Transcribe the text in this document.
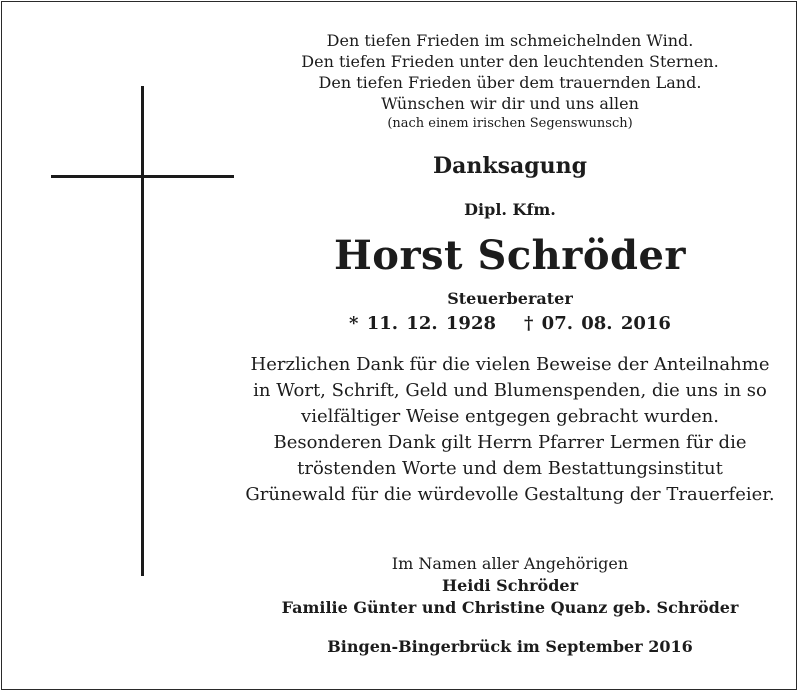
Den tiefen Frieden im schmeichelnden Wind.
Den tiefen Frieden unter den leuchtenden Sternen.
Den tiefen Frieden über dem trauernden Land.
Wünschen wir dir und uns allen
(nach einem irischen Segenswunsch)
Danksagung
Dipl. Kfm.
Horst Schröder
Steuerberater
* 11. 12. 1928 † 07. 08. 2016
Herzlichen Dank für die vielen Beweise der Anteilnahme
in Wort, Schrift, Geld und Blumenspenden, die uns in so
vielfältiger Weise entgegen gebracht wurden.
Besonderen Dank gilt Herrn Pfarrer Lermen für die
tröstenden Worte und dem Bestattungsinstitut
Grünewald für die würdevolle Gestaltung der Trauerfeier.
Im Namen aller Angehörigen
Heidi Schröder
Familie Günter und Christine Quanz geb. Schröder
Bingen-Bingerbrück im September 2016
